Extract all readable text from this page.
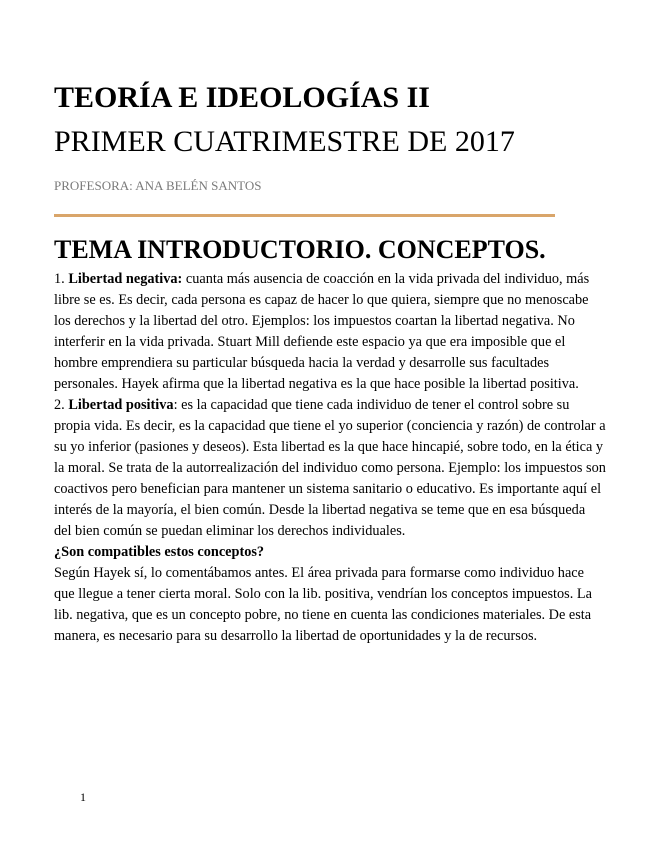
TEORÍA E IDEOLOGÍAS II
PRIMER CUATRIMESTRE DE 2017
PROFESORA: ANA BELÉN SANTOS
TEMA INTRODUCTORIO. CONCEPTOS.

1. Libertad negativa: cuanta más ausencia de coacción en la vida privada del individuo, más libre se es. Es decir, cada persona es capaz de hacer lo que quiera, siempre que no menoscabe los derechos y la libertad del otro. Ejemplos: los impuestos coartan la libertad negativa. No interferir en la vida privada. Stuart Mill defiende este espacio ya que era imposible que el hombre emprendiera su particular búsqueda hacia la verdad y desarrolle sus facultades personales. Hayek afirma que la libertad negativa es la que hace posible la libertad positiva.

2. Libertad positiva: es la capacidad que tiene cada individuo de tener el control sobre su propia vida. Es decir, es la capacidad que tiene el yo superior (conciencia y razón) de controlar a su yo inferior (pasiones y deseos). Esta libertad es la que hace hincapié, sobre todo, en la ética y la moral. Se trata de la autorrealización del individuo como persona. Ejemplo: los impuestos son coactivos pero benefician para mantener un sistema sanitario o educativo. Es importante aquí el interés de la mayoría, el bien común. Desde la libertad negativa se teme que en esa búsqueda del bien común se puedan eliminar los derechos individuales.

¿Son compatibles estos conceptos?

Según Hayek sí, lo comentábamos antes. El área privada para formarse como individuo hace que llegue a tener cierta moral. Solo con la lib. positiva, vendrían los conceptos impuestos. La lib. negativa, que es un concepto pobre, no tiene en cuenta las condiciones materiales. De esta manera, es necesario para su desarrollo la libertad de oportunidades y la de recursos.

1
